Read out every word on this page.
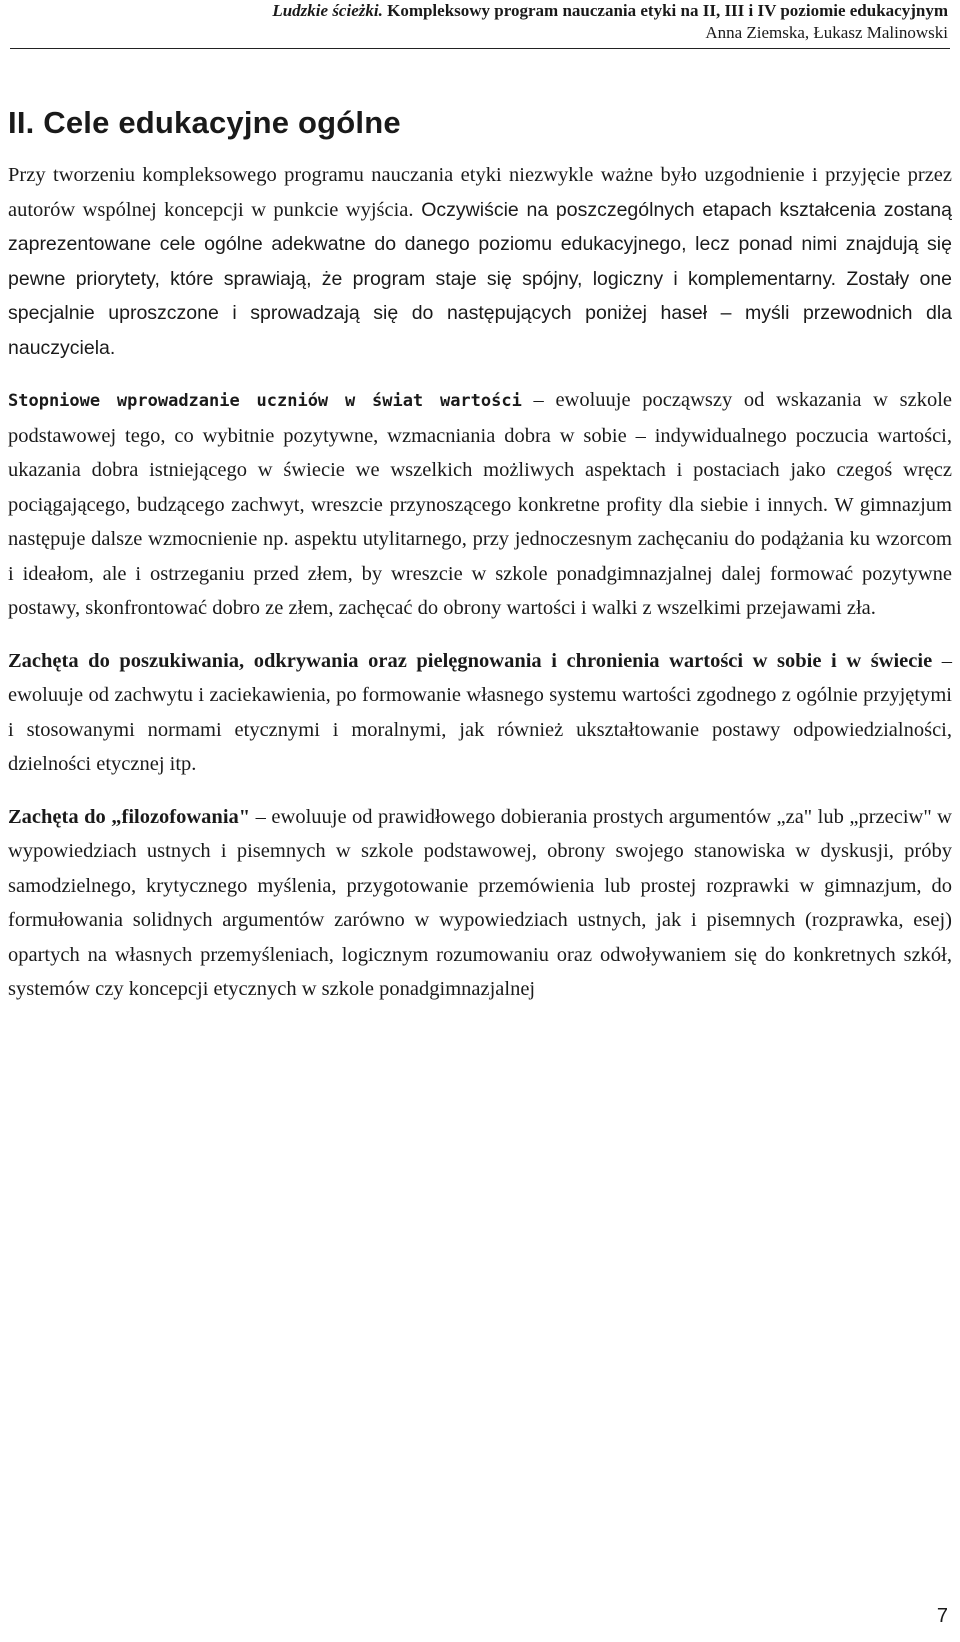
Ludzkie ścieżki. Kompleksowy program nauczania etyki na II, III i IV poziomie edukacyjnym
Anna Ziemska, Łukasz Malinowski
II. Cele edukacyjne ogólne

Przy tworzeniu kompleksowego programu nauczania etyki niezwykle ważne było uzgodnienie i przyjęcie przez autorów wspólnej koncepcji w punkcie wyjścia. Oczywiście na poszczególnych etapach kształcenia zostaną zaprezentowane cele ogólne adekwatne do danego poziomu edukacyjnego, lecz ponad nimi znajdują się pewne priorytety, które sprawiają, że program staje się spójny, logiczny i komplementarny. Zostały one specjalnie uproszczone i sprowadzają się do następujących poniżej haseł – myśli przewodnich dla nauczyciela.

Stopniowe wprowadzanie uczniów w świat wartości – ewoluuje począwszy od wskazania w szkole podstawowej tego, co wybitnie pozytywne, wzmacniania dobra w sobie – indywidualnego poczucia wartości, ukazania dobra istniejącego w świecie we wszelkich możliwych aspektach i postaciach jako czegoś wręcz pociągającego, budzącego zachwyt, wreszcie przynoszącego konkretne profity dla siebie i innych. W gimnazjum następuje dalsze wzmocnienie np. aspektu utylitarnego, przy jednoczesnym zachęcaniu do podążania ku wzorcom i ideałom, ale i ostrzeganiu przed złem, by wreszcie w szkole ponadgimnazjalnej dalej formować pozytywne postawy, skonfrontować dobro ze złem, zachęcać do obrony wartości i walki z wszelkimi przejawami zła.

Zachęta do poszukiwania, odkrywania oraz pielęgnowania i chronienia wartości w sobie i w świecie – ewoluuje od zachwytu i zaciekawienia, po formowanie własnego systemu wartości zgodnego z ogólnie przyjętymi i stosowanymi normami etycznymi i moralnymi, jak również ukształtowanie postawy odpowiedzialności, dzielności etycznej itp.

Zachęta do „filozofowania" – ewoluuje od prawidłowego dobierania prostych argumentów „za" lub „przeciw" w wypowiedziach ustnych i pisemnych w szkole podstawowej, obrony swojego stanowiska w dyskusji, próby samodzielnego, krytycznego myślenia, przygotowanie przemówienia lub prostej rozprawki w gimnazjum, do formułowania solidnych argumentów zarówno w wypowiedziach ustnych, jak i pisemnych (rozprawka, esej) opartych na własnych przemyśleniach, logicznym rozumowaniu oraz odwoływaniem się do konkretnych szkół, systemów czy koncepcji etycznych w szkole ponadgimnazjalnej

7
